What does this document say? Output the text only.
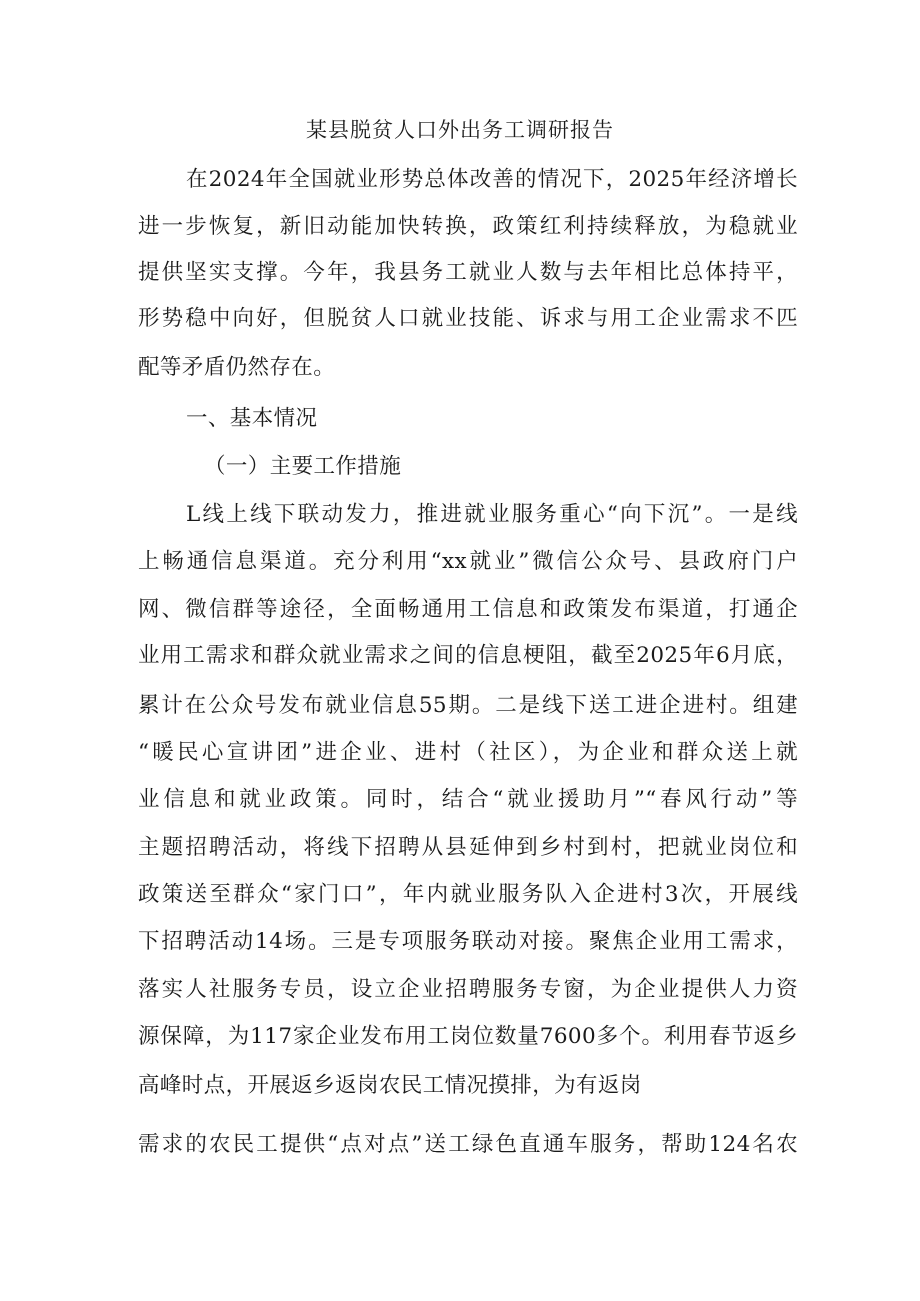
某县脱贫人口外出务工调研报告
在2024年全国就业形势总体改善的情况下，2025年经济增长
进一步恢复，新旧动能加快转换，政策红利持续释放，为稳就业
提供坚实支撑。今年，我县务工就业人数与去年相比总体持平，
形势稳中向好，但脱贫人口就业技能、诉求与用工企业需求不匹
配等矛盾仍然存在。
一、基本情况
（一）主要工作措施
L线上线下联动发力，推进就业服务重心“向下沉”。一是线
上畅通信息渠道。充分利用“xx就业”微信公众号、县政府门户
网、微信群等途径，全面畅通用工信息和政策发布渠道，打通企
业用工需求和群众就业需求之间的信息梗阻，截至2025年6月底，
累计在公众号发布就业信息55期。二是线下送工进企进村。组建
“暖民心宣讲团”进企业、进村（社区），为企业和群众送上就
业信息和就业政策。同时，结合“就业援助月”“春风行动”等
主题招聘活动，将线下招聘从县延伸到乡村到村，把就业岗位和
政策送至群众“家门口”，年内就业服务队入企进村3次，开展线
下招聘活动14场。三是专项服务联动对接。聚焦企业用工需求，
落实人社服务专员，设立企业招聘服务专窗，为企业提供人力资
源保障，为117家企业发布用工岗位数量7600多个。利用春节返乡
高峰时点，开展返乡返岗农民工情况摸排，为有返岗
需求的农民工提供“点对点”送工绿色直通车服务，帮助124名农
